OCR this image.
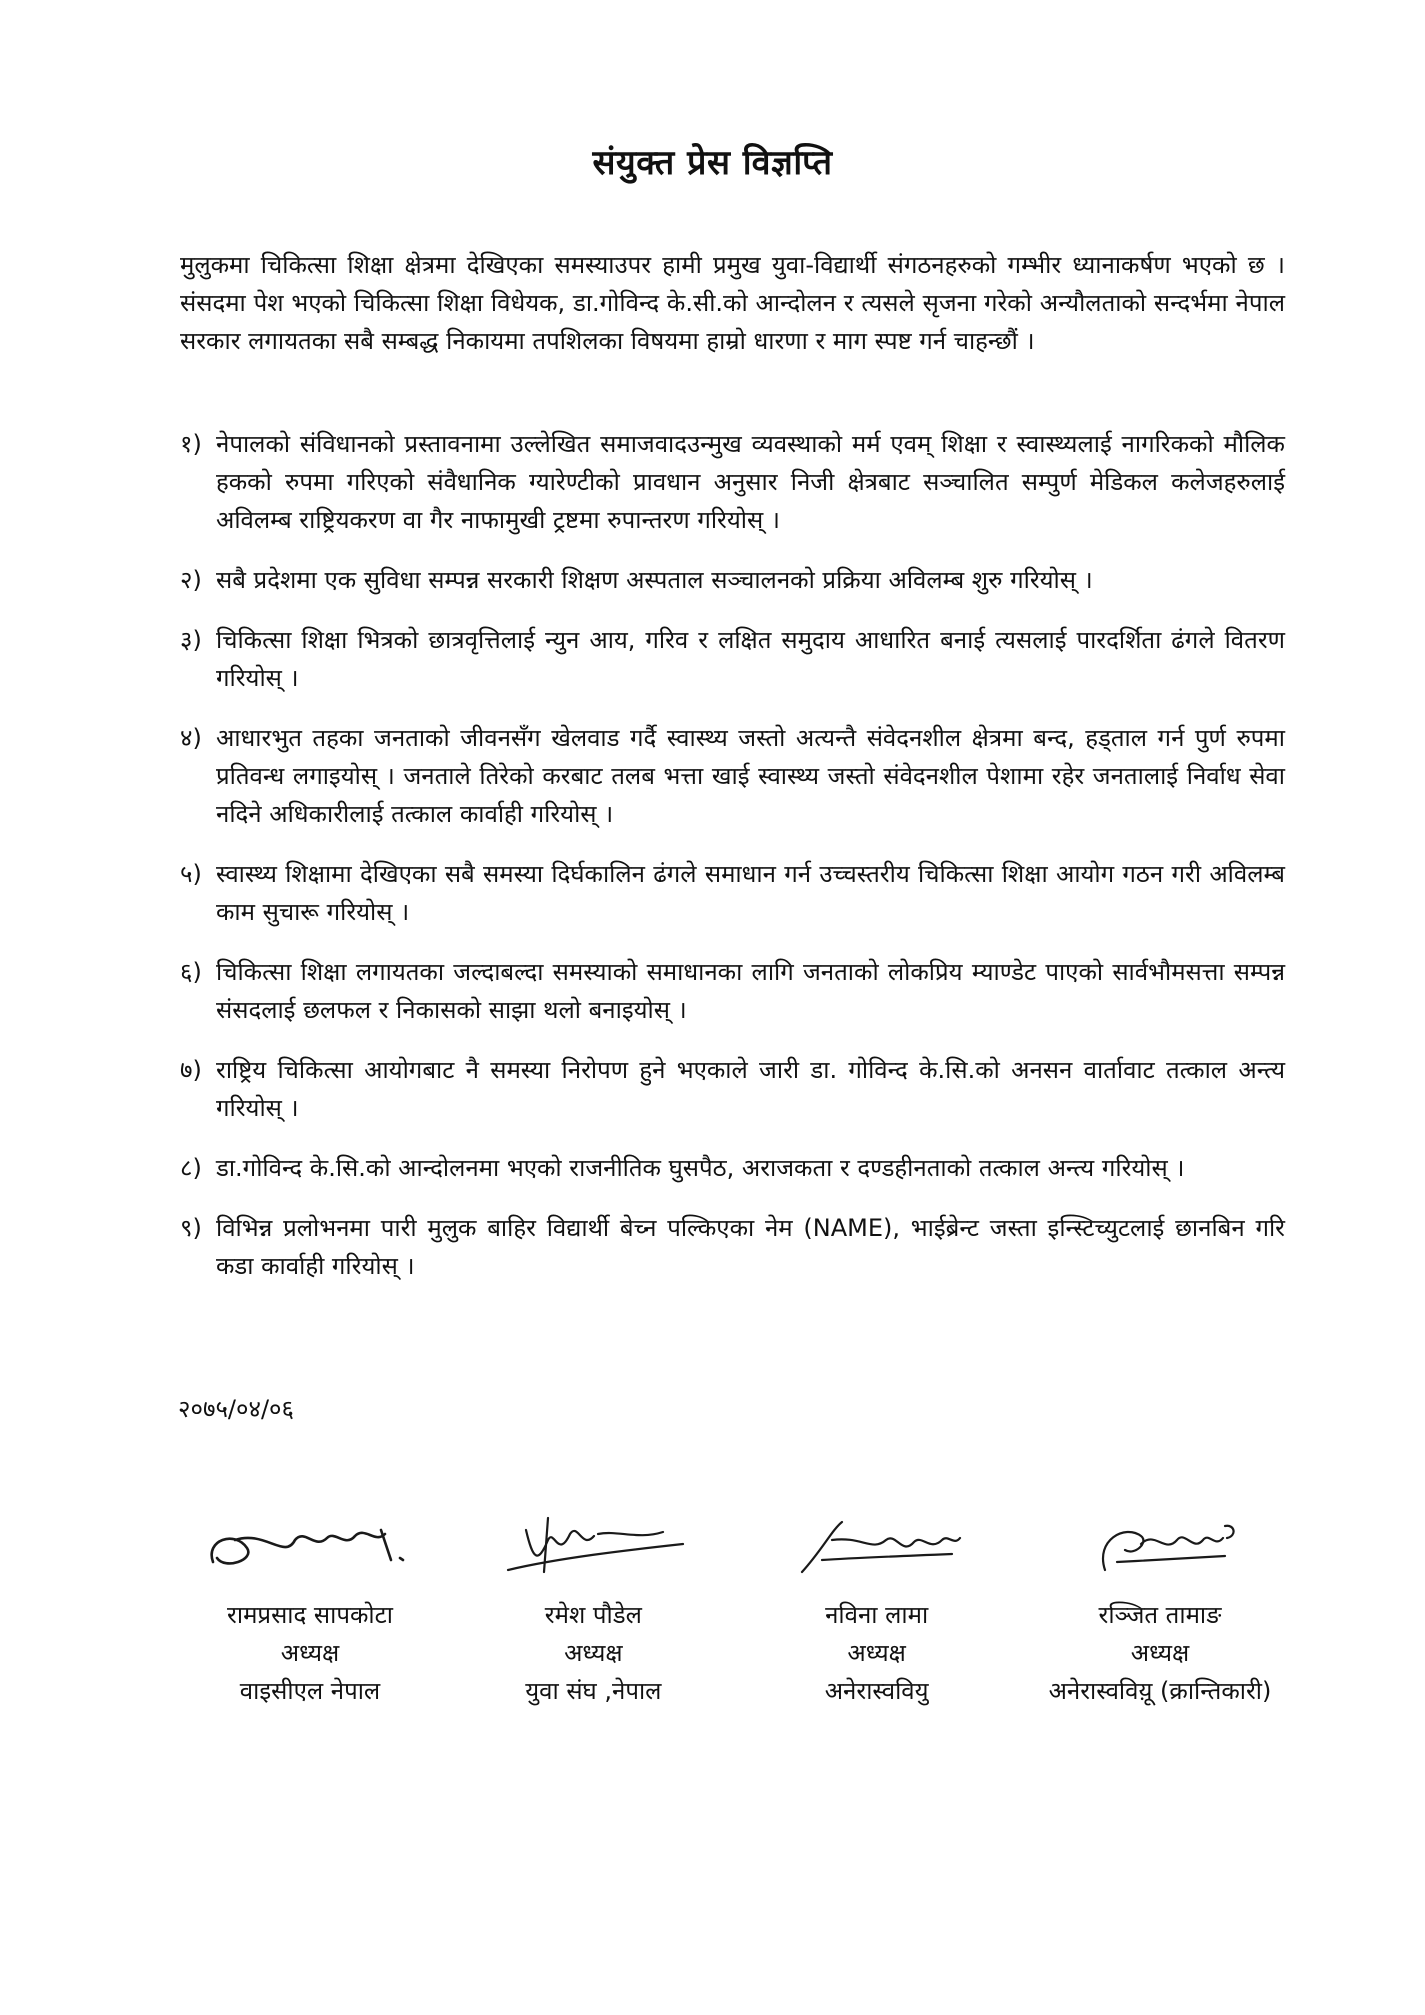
संयुक्त प्रेस विज्ञप्ति
मुलुकमा चिकित्सा शिक्षा क्षेत्रमा देखिएका समस्याउपर हामी प्रमुख युवा-विद्यार्थी संगठनहरुको गम्भीर ध्यानाकर्षण भएको छ । संसदमा पेश भएको चिकित्सा शिक्षा विधेयक, डा.गोविन्द के.सी.को आन्दोलन र त्यसले सृजना गरेको अन्यौलताको सन्दर्भमा नेपाल सरकार लगायतका सबै सम्बद्ध निकायमा तपशिलका विषयमा हाम्रो धारणा र माग स्पष्ट गर्न चाहन्छौं ।
१) नेपालको संविधानको प्रस्तावनामा उल्लेखित समाजवादउन्मुख व्यवस्थाको मर्म एवम् शिक्षा र स्वास्थ्यलाई नागरिकको मौलिक हकको रुपमा गरिएको संवैधानिक ग्यारेण्टीको प्रावधान अनुसार निजी क्षेत्रबाट सञ्चालित सम्पुर्ण मेडिकल कलेजहरुलाई अविलम्ब राष्ट्रियकरण वा गैर नाफामुखी ट्रष्टमा रुपान्तरण गरियोस् ।
२) सबै प्रदेशमा एक सुविधा सम्पन्न सरकारी शिक्षण अस्पताल सञ्चालनको प्रक्रिया अविलम्ब शुरु गरियोस् ।
३) चिकित्सा शिक्षा भित्रको छात्रवृत्तिलाई न्युन आय, गरिव र लक्षित समुदाय आधारित बनाई त्यसलाई पारदर्शिता ढंगले वितरण गरियोस् ।
४) आधारभुत तहका जनताको जीवनसँग खेलवाड गर्दै स्वास्थ्य जस्तो अत्यन्तै संवेदनशील क्षेत्रमा बन्द, हड्ताल गर्न पुर्ण रुपमा प्रतिवन्ध लगाइयोस् । जनताले तिरेको करबाट तलब भत्ता खाई स्वास्थ्य जस्तो संवेदनशील पेशामा रहेर जनतालाई निर्वाध सेवा नदिने अधिकारीलाई तत्काल कार्वाही गरियोस् ।
५) स्वास्थ्य शिक्षामा देखिएका सबै समस्या दिर्घकालिन ढंगले समाधान गर्न उच्चस्तरीय चिकित्सा शिक्षा आयोग गठन गरी अविलम्ब काम सुचारू गरियोस् ।
६) चिकित्सा शिक्षा लगायतका जल्दाबल्दा समस्याको समाधानका लागि जनताको लोकप्रिय म्याण्डेट पाएको सार्वभौमसत्ता सम्पन्न संसदलाई छलफल र निकासको साझा थलो बनाइयोस् ।
७) राष्ट्रिय चिकित्सा आयोगबाट नै समस्या निरोपण हुने भएकाले जारी डा. गोविन्द के.सि.को अनसन वार्तावाट तत्काल अन्त्य गरियोस् ।
८) डा.गोविन्द के.सि.को आन्दोलनमा भएको राजनीतिक घुसपैठ, अराजकता र दण्डहीनताको तत्काल अन्त्य गरियोस् ।
९) विभिन्न प्रलोभनमा पारी मुलुक बाहिर विद्यार्थी बेच्न पल्किएका नेम (NAME), भाईब्रेन्ट जस्ता इन्स्टिच्युटलाई छानबिन गरि कडा कार्वाही गरियोस् ।
२०७५/०४/०६
रामप्रसाद सापकोटा
अध्यक्ष
वाइसीएल नेपाल
रमेश पौडेल
अध्यक्ष
युवा संघ ,नेपाल
नविना लामा
अध्यक्ष
अनेरास्ववियु
रञ्जित तामाङ
अध्यक्ष
अनेरास्वविय़ू (क्रान्तिकारी)
